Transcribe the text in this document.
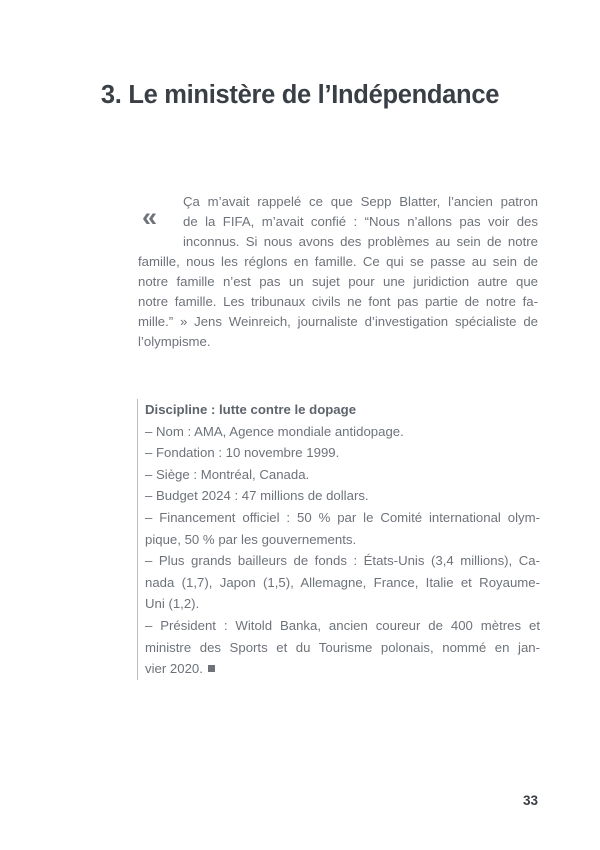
3. Le ministère de l’Indépendance
«
Ça m’avait rappelé ce que Sepp Blatter, l’ancien patron
de la FIFA, m’avait confié : “Nous n’allons pas voir des
inconnus. Si nous avons des problèmes au sein de notre
famille, nous les réglons en famille. Ce qui se passe au sein de
notre famille n’est pas un sujet pour une juridiction autre que
notre famille. Les tribunaux civils ne font pas partie de notre fa-
mille.” » Jens Weinreich, journaliste d’investigation spécialiste de
l’olympisme.
Discipline : lutte contre le dopage
– Nom : AMA, Agence mondiale antidopage.
– Fondation : 10 novembre 1999.
– Siège : Montréal, Canada.
– Budget 2024 : 47 millions de dollars.
– Financement officiel : 50 % par le Comité international olym-
pique, 50 % par les gouvernements.
– Plus grands bailleurs de fonds : États-Unis (3,4 millions), Ca-
nada (1,7), Japon (1,5), Allemagne, France, Italie et Royaume-
Uni (1,2).
– Président : Witold Banka, ancien coureur de 400 mètres et
ministre des Sports et du Tourisme polonais, nommé en jan-
vier 2020.
33
